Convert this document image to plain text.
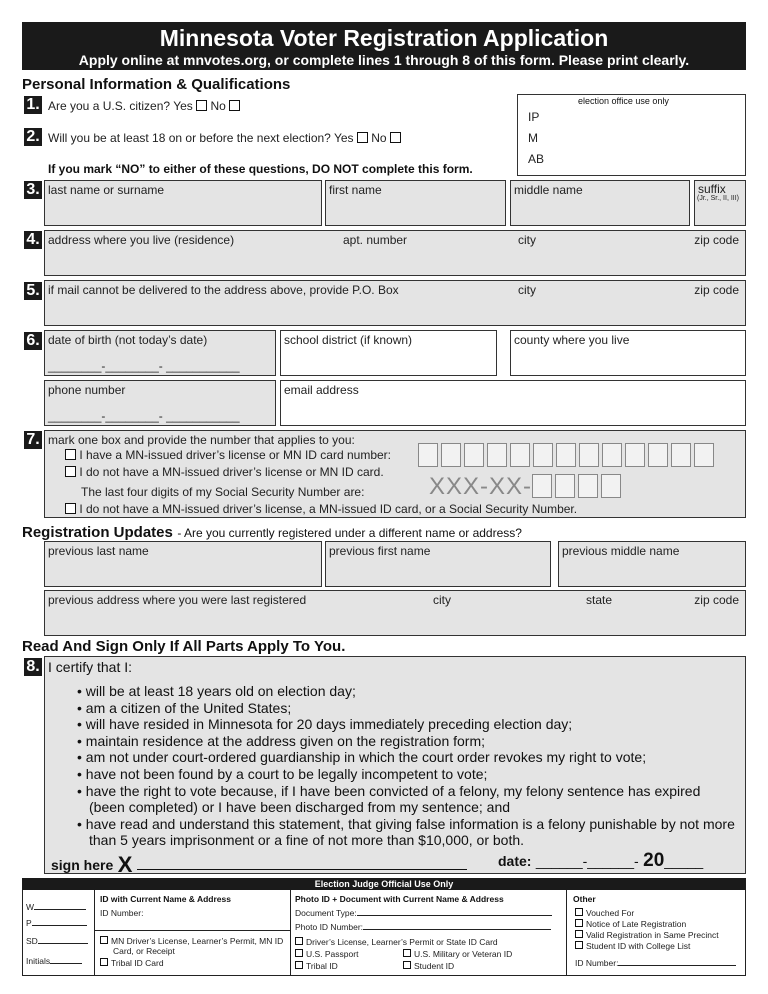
Minnesota Voter Registration Application
Apply online at mnvotes.org, or complete lines 1 through 8 of this form. Please print clearly.
Personal Information & Qualifications
1. Are you a U.S. citizen? Yes No
2. Will you be at least 18 on or before the next election? Yes No
If you mark “NO” to either of these questions, DO NOT complete this form.
election office use only
IP
M
AB
3. last name or surname	first name	middle name	suffix
(Jr., Sr., II, III)
4. address where you live (residence)	apt. number	city	zip code
5. if mail cannot be delivered to the address above, provide P.O. Box	city	zip code
6. date of birth (not today’s date)
________-________- ___________
school district (if known)	county where you live
phone number
________-________- ___________
email address
7. mark one box and provide the number that applies to you:
I have a MN-issued driver’s license or MN ID card number:
I do not have a MN-issued driver’s license or MN ID card.
The last four digits of my Social Security Number are:
I do not have a MN-issued driver’s license, a MN-issued ID card, or a Social Security Number.
XXX-XX-
Registration Updates - Are you currently registered under a different name or address?
previous last name	previous first name	previous middle name
previous address where you were last registered	city	state	zip code
Read And Sign Only If All Parts Apply To You.
8. I certify that I:
• will be at least 18 years old on election day;
• am a citizen of the United States;
• will have resided in Minnesota for 20 days immediately preceding election day;
• maintain residence at the address given on the registration form;
• am not under court-ordered guardianship in which the court order revokes my right to vote;
• have not been found by a court to be legally incompetent to vote;
• have the right to vote because, if I have been convicted of a felony, my felony sentence has expired (been completed) or I have been discharged from my sentence; and
• have read and understand this statement, that giving false information is a felony punishable by not more than 5 years imprisonment or a fine of not more than $10,000, or both.
sign here X	date: ______-______- 20_____
Election Judge Official Use Only
W
P
SD
Initials
ID with Current Name & Address
ID Number:
MN Driver’s License, Learner’s Permit, MN ID Card, or Receipt
Tribal ID Card
Photo ID + Document with Current Name & Address
Document Type:
Photo ID Number:
Driver’s License, Learner’s Permit or State ID Card
U.S. Passport	U.S. Military or Veteran ID
Tribal ID	Student ID
Other
Vouched For
Notice of Late Registration
Valid Registration in Same Precinct
Student ID with College List
ID Number:
